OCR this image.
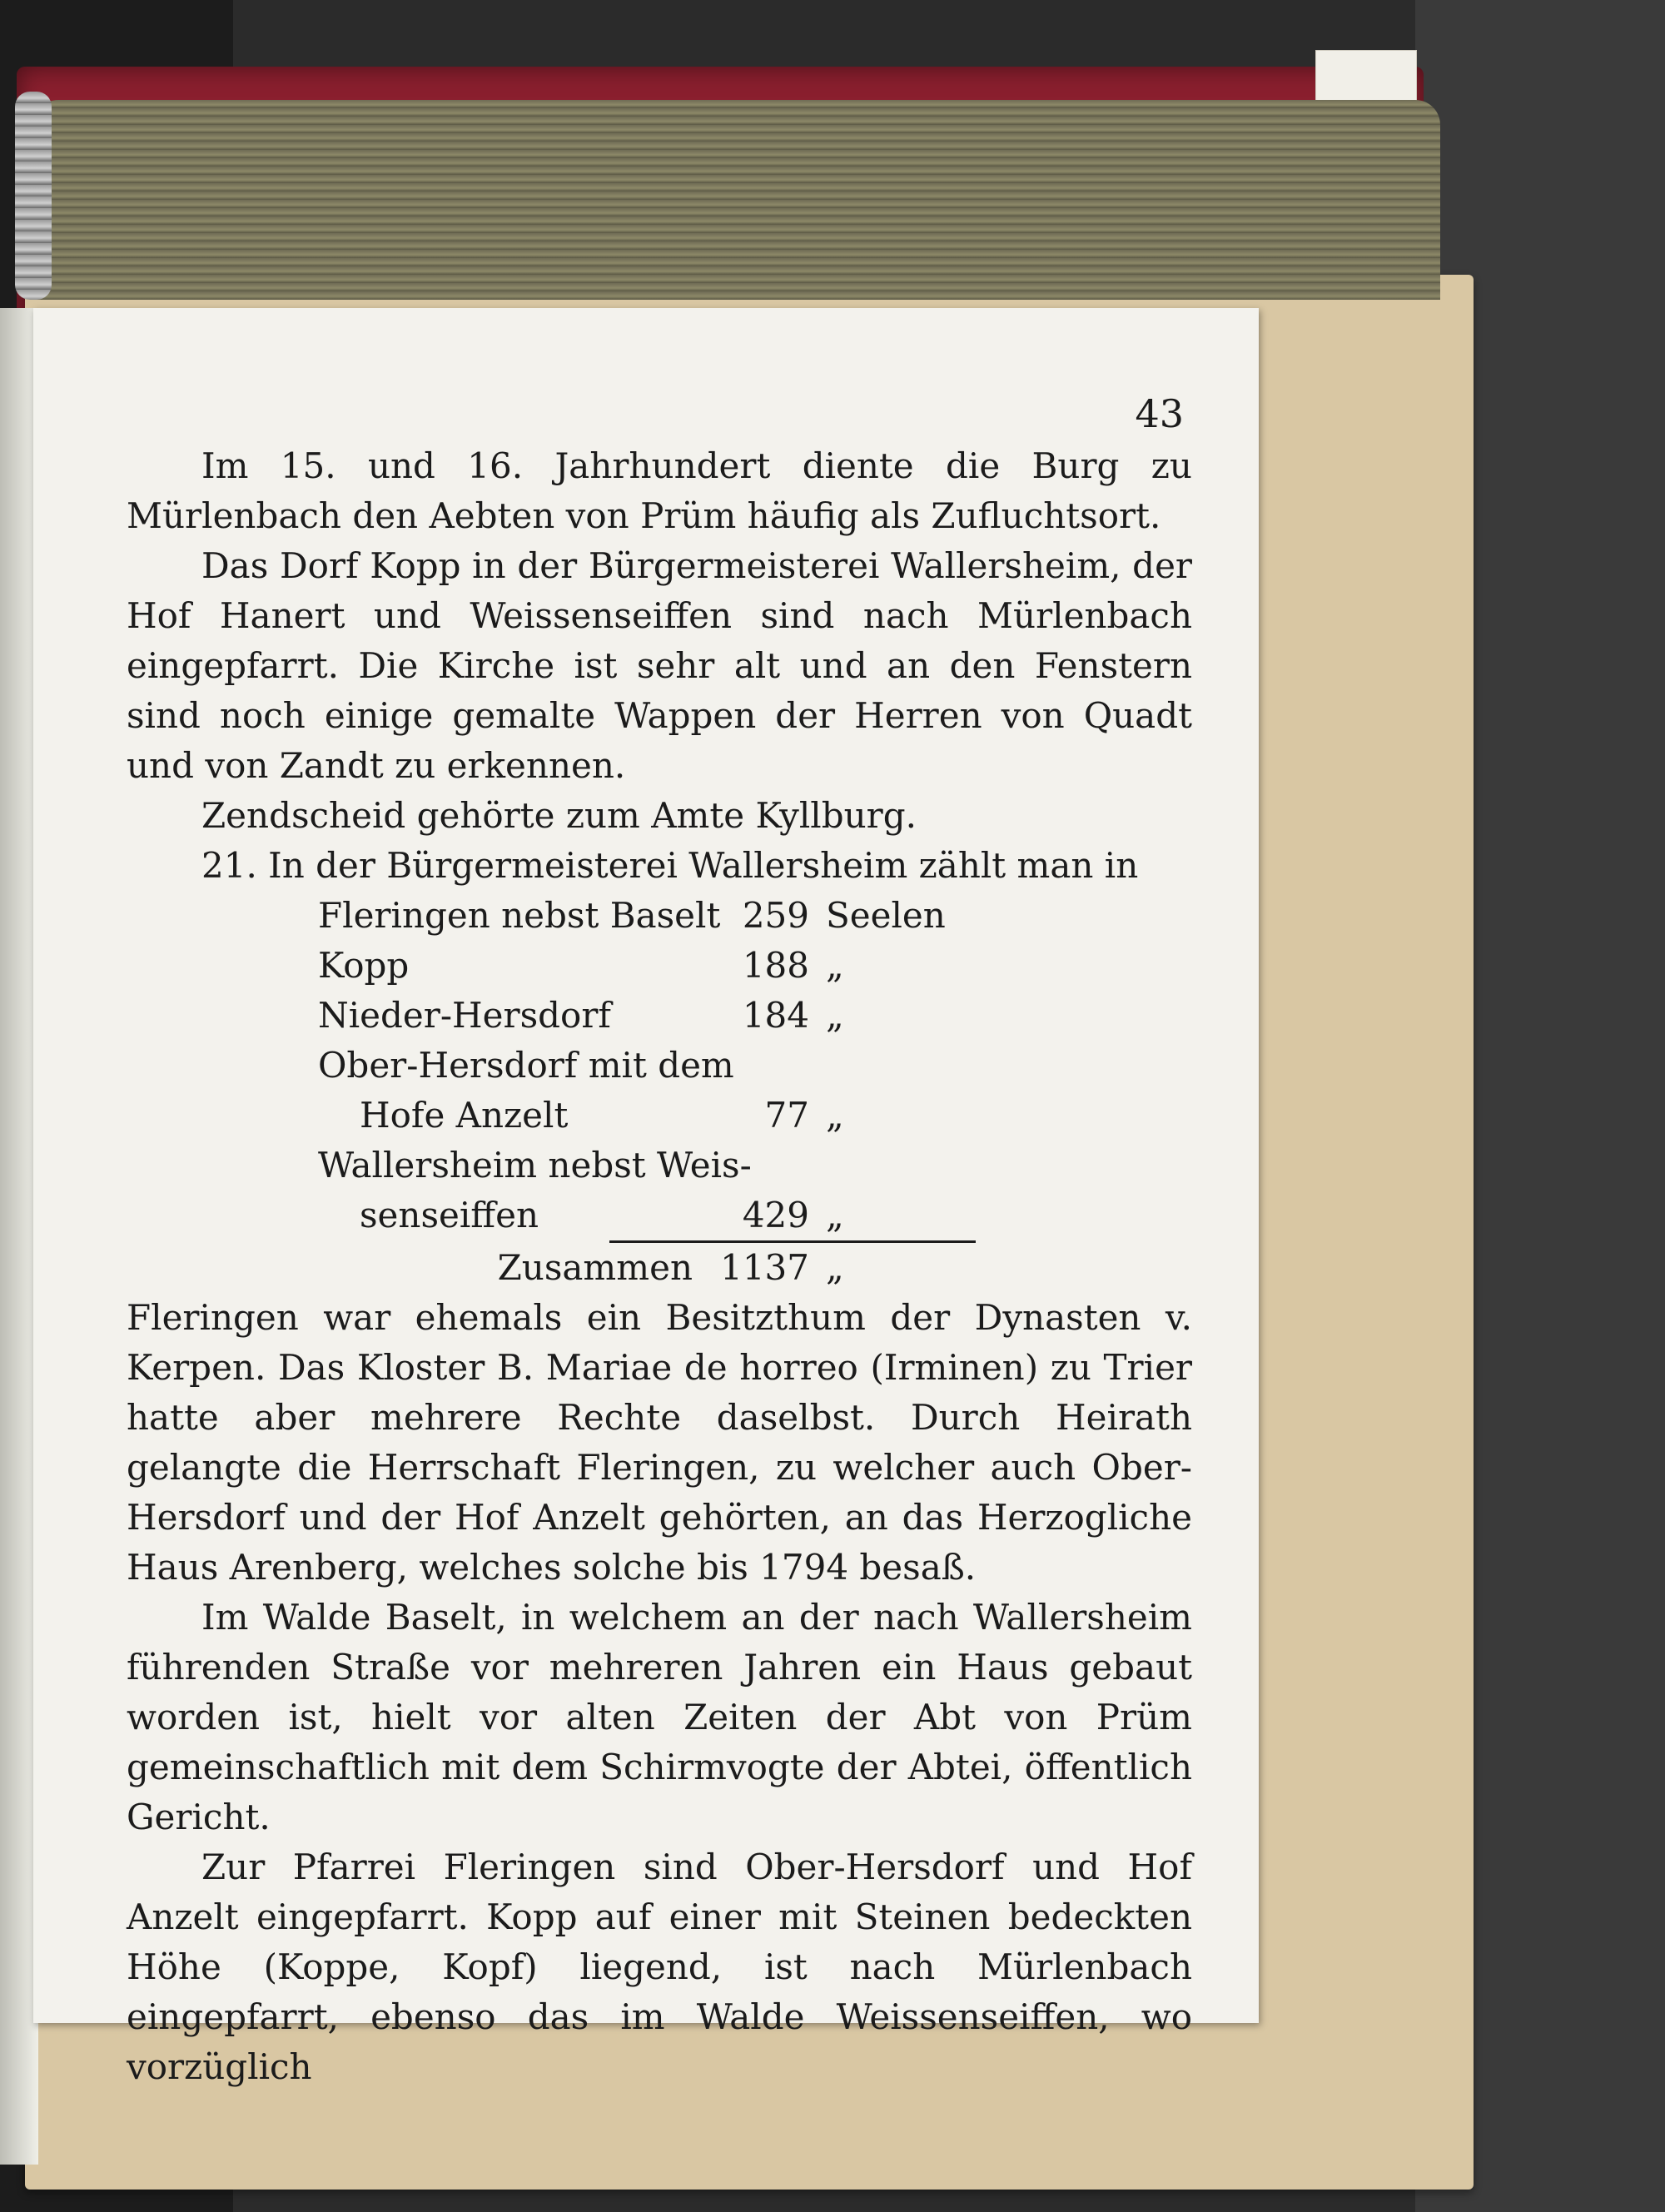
43

Im 15. und 16. Jahrhundert diente die Burg zu Mürlenbach den Aebten von Prüm häufig als Zufluchtsort.

Das Dorf Kopp in der Bürgermeisterei Wallersheim, der Hof Hanert und Weissenseiffen sind nach Mürlenbach eingepfarrt. Die Kirche ist sehr alt und an den Fenstern sind noch einige gemalte Wappen der Herren von Quadt und von Zandt zu erkennen.

Zendscheid gehörte zum Amte Kyllburg.

21. In der Bürgermeisterei Wallersheim zählt man in

Fleringen nebst Baselt 259 Seelen
Kopp	188 „
Nieder-Hersdorf	184 „
Ober-Hersdorf mit dem
Hofe Anzelt	77 „
Wallersheim nebst Weis-
senseiffen	429 „
Zusammen 1137 „

Fleringen war ehemals ein Besitzthum der Dynasten v. Kerpen. Das Kloster B. Mariae de horreo (Irminen) zu Trier hatte aber mehrere Rechte daselbst. Durch Heirath gelangte die Herrschaft Fleringen, zu welcher auch Ober-Hersdorf und der Hof Anzelt gehörten, an das Herzogliche Haus Arenberg, welches solche bis 1794 besaß.

Im Walde Baselt, in welchem an der nach Wallersheim führenden Straße vor mehreren Jahren ein Haus gebaut worden ist, hielt vor alten Zeiten der Abt von Prüm gemeinschaftlich mit dem Schirmvogte der Abtei, öffentlich Gericht.

Zur Pfarrei Fleringen sind Ober-Hersdorf und Hof Anzelt eingepfarrt. Kopp auf einer mit Steinen bedeckten Höhe (Koppe, Kopf) liegend, ist nach Mürlenbach eingepfarrt, ebenso das im Walde Weissenseiffen, wo vorzüglich
